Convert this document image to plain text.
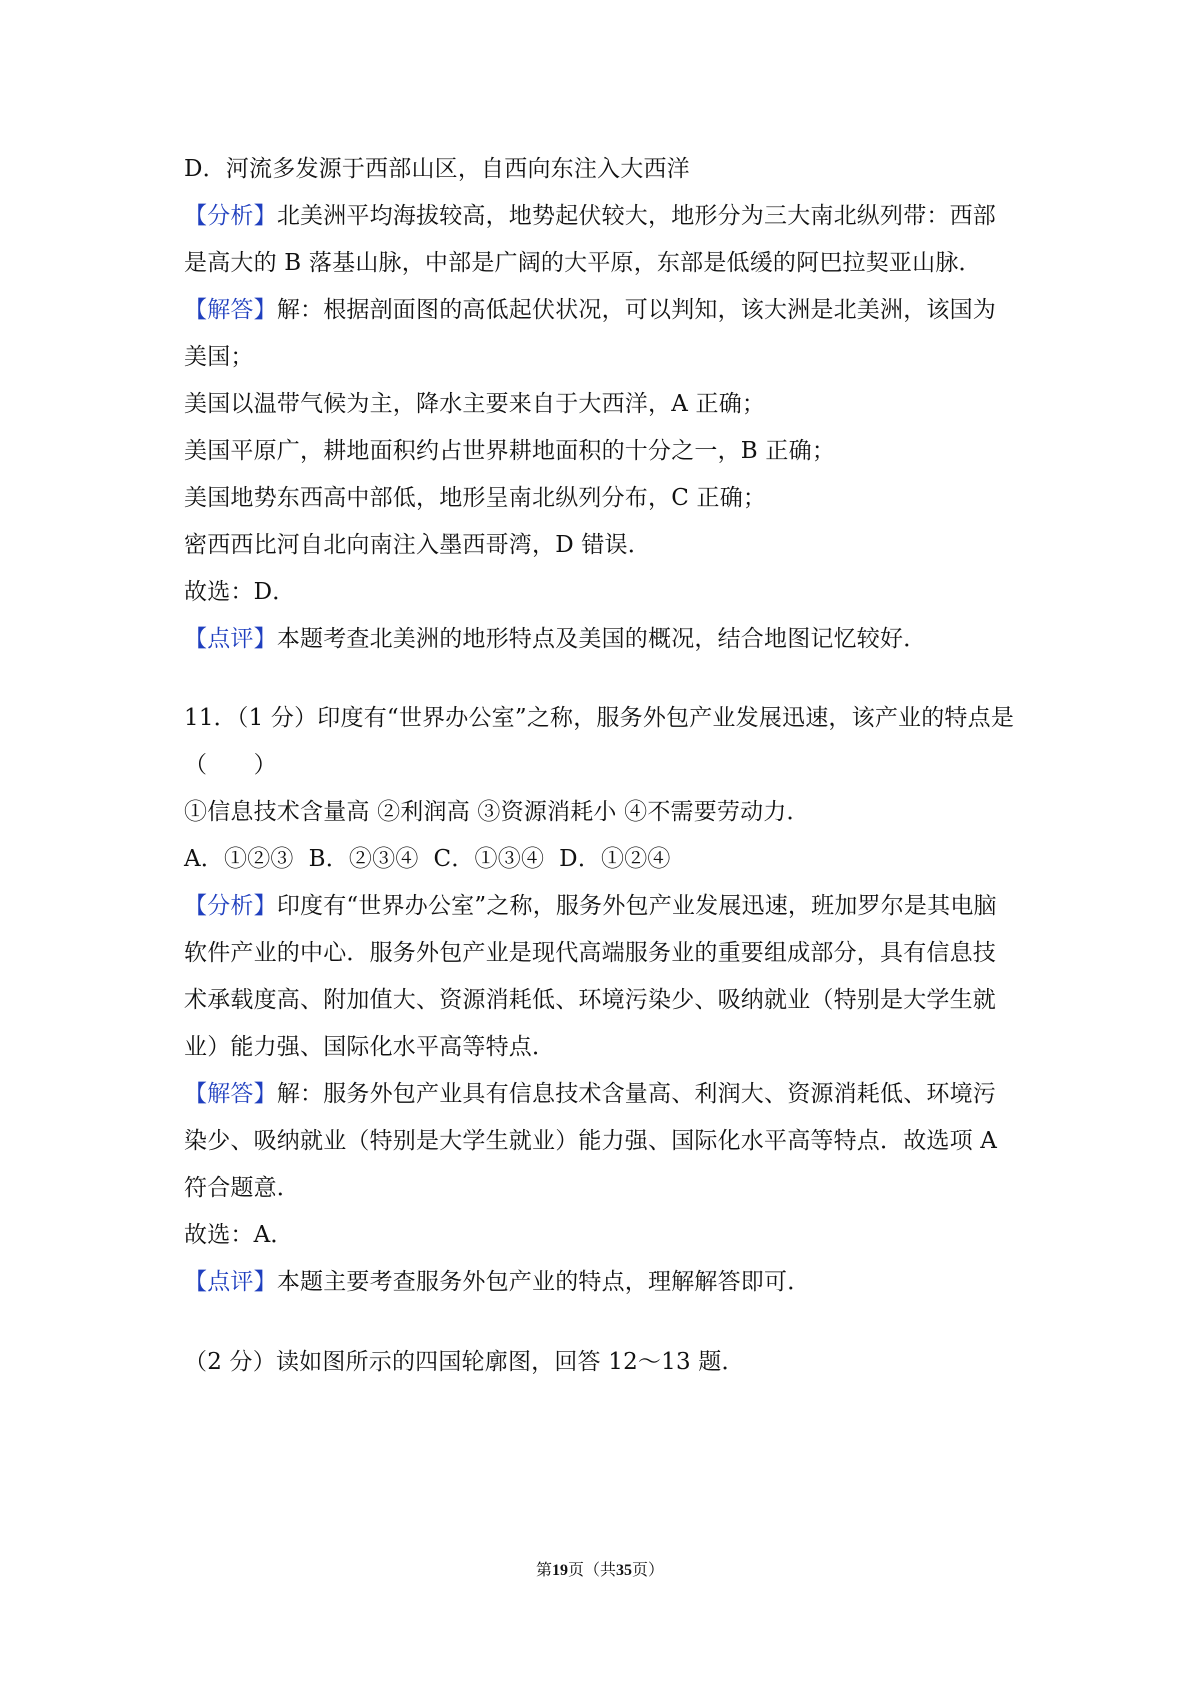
D．河流多发源于西部山区，自西向东注入大西洋
【分析】北美洲平均海拔较高，地势起伏较大，地形分为三大南北纵列带：西部
是高大的 B 落基山脉，中部是广阔的大平原，东部是低缓的阿巴拉契亚山脉．
【解答】解：根据剖面图的高低起伏状况，可以判知，该大洲是北美洲，该国为
美国；
美国以温带气候为主，降水主要来自于大西洋，A 正确；
美国平原广，耕地面积约占世界耕地面积的十分之一，B 正确；
美国地势东西高中部低，地形呈南北纵列分布，C 正确；
密西西比河自北向南注入墨西哥湾，D 错误．
故选：D．
【点评】本题考查北美洲的地形特点及美国的概况，结合地图记忆较好．
11．（1 分）印度有“世界办公室”之称，服务外包产业发展迅速，该产业的特点是
（　　）
①信息技术含量高 ②利润高 ③资源消耗小 ④不需要劳动力．
A．①②③  B．②③④  C．①③④  D．①②④
【分析】印度有“世界办公室”之称，服务外包产业发展迅速，班加罗尔是其电脑
软件产业的中心．服务外包产业是现代高端服务业的重要组成部分，具有信息技
术承载度高、附加值大、资源消耗低、环境污染少、吸纳就业（特别是大学生就
业）能力强、国际化水平高等特点．
【解答】解：服务外包产业具有信息技术含量高、利润大、资源消耗低、环境污
染少、吸纳就业（特别是大学生就业）能力强、国际化水平高等特点．故选项 A
符合题意．
故选：A．
【点评】本题主要考查服务外包产业的特点，理解解答即可．
（2 分）读如图所示的四国轮廓图，回答 12～13 题．
第19页（共35页）
